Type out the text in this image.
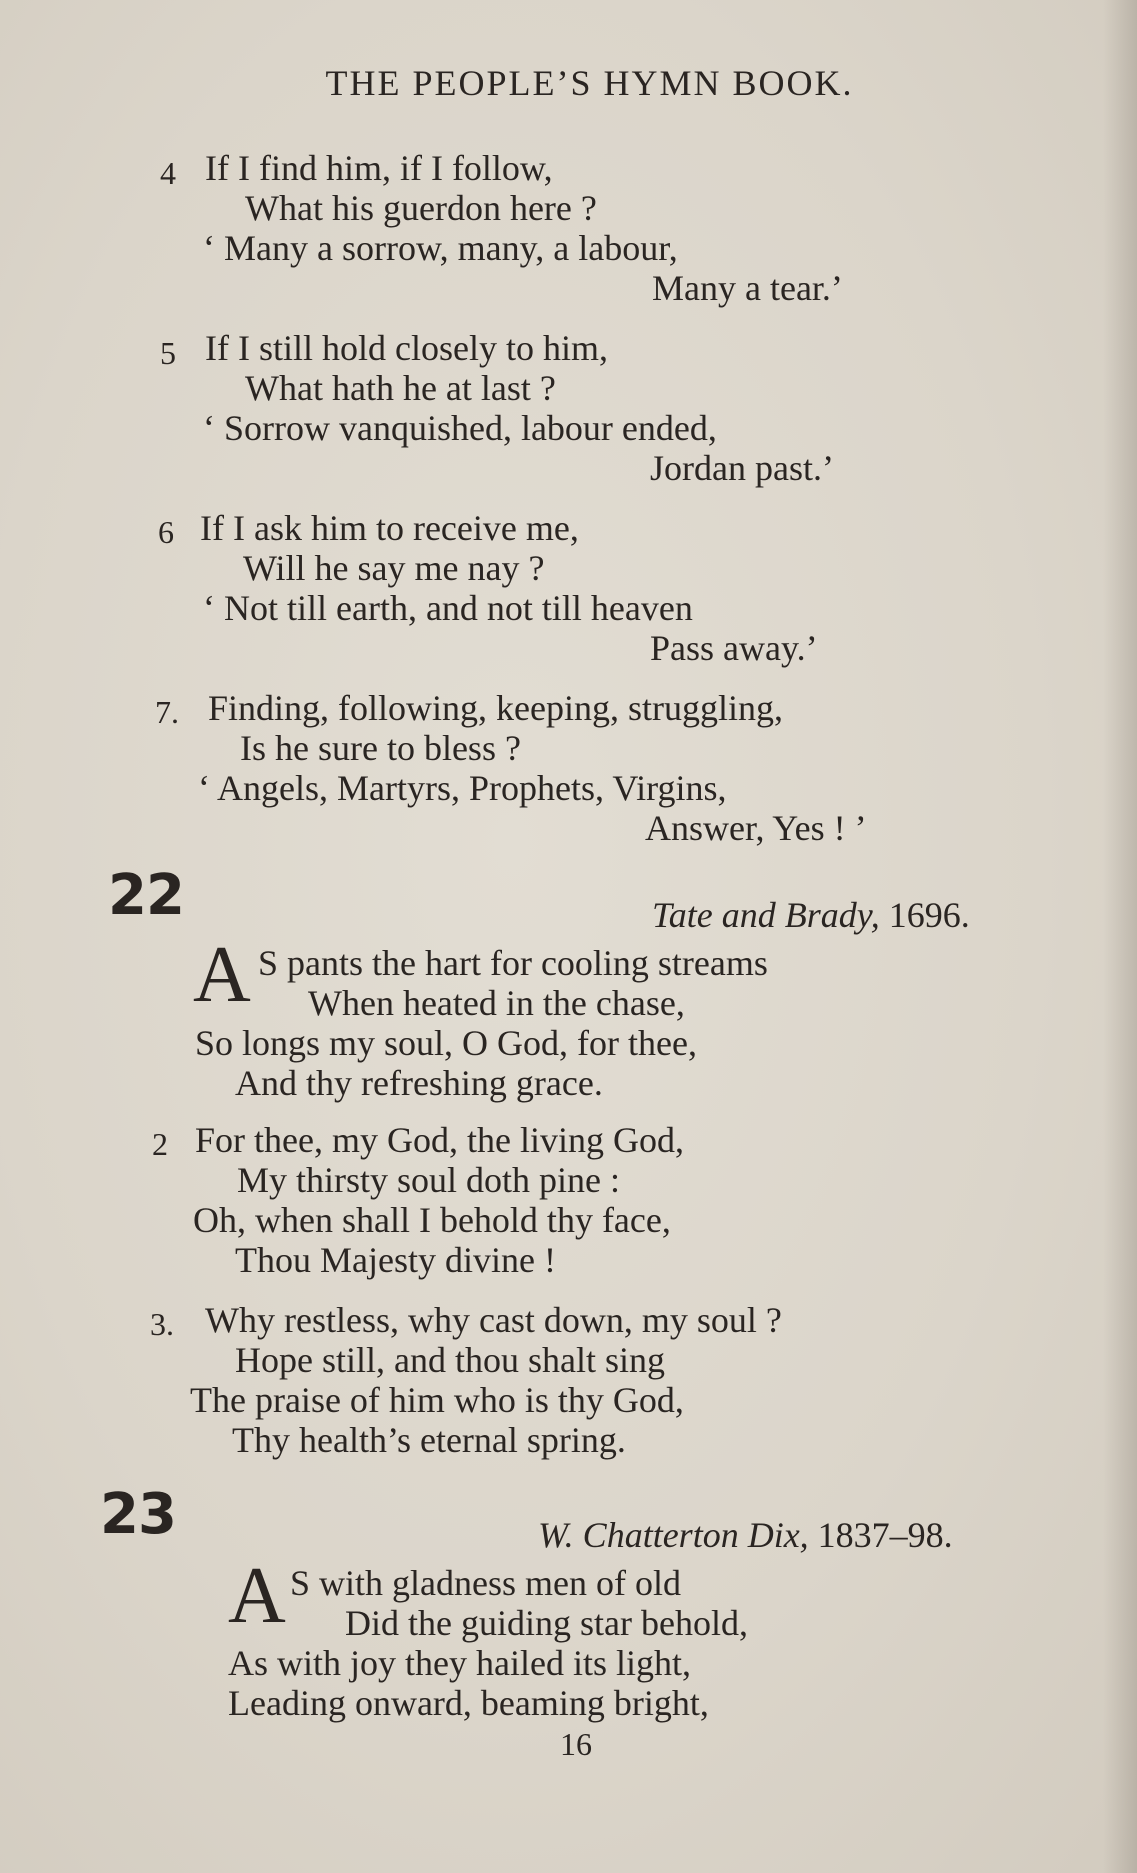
THE PEOPLE’S HYMN BOOK.
4 If I find him, if I follow,
What his guerdon here ?
‘ Many a sorrow, many, a labour,
Many a tear.’
5 If I still hold closely to him,
What hath he at last ?
‘ Sorrow vanquished, labour ended,
Jordan past.’
6 If I ask him to receive me,
Will he say me nay ?
‘ Not till earth, and not till heaven
Pass away.’
7. Finding, following, keeping, struggling,
Is he sure to bless ?
‘ Angels, Martyrs, Prophets, Virgins,
Answer, Yes ! ’
22	Tate and Brady, 1696.
A S pants the hart for cooling streams
When heated in the chase,
So longs my soul, O God, for thee,
And thy refreshing grace.
2 For thee, my God, the living God,
My thirsty soul doth pine :
Oh, when shall I behold thy face,
Thou Majesty divine !
3. Why restless, why cast down, my soul ?
Hope still, and thou shalt sing
The praise of him who is thy God,
Thy health’s eternal spring.
23	W. Chatterton Dix, 1837–98.
A S with gladness men of old
Did the guiding star behold,
As with joy they hailed its light,
Leading onward, beaming bright,
16
